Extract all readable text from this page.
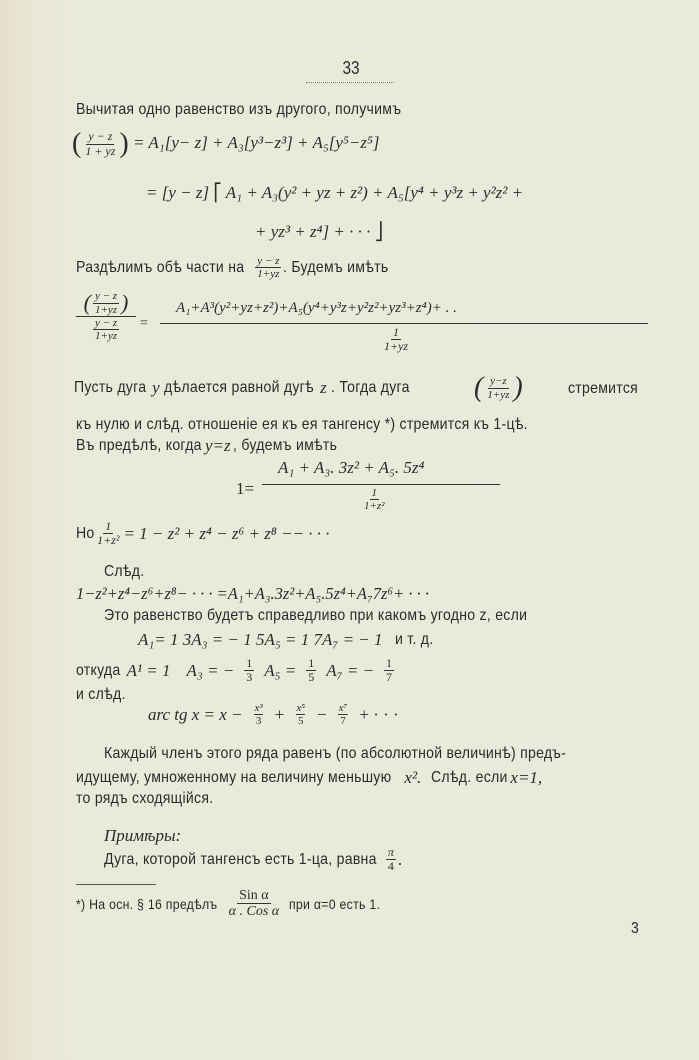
33
Вычитая одно равенство изъ другого, получимъ
( $\frac{y - z}{1 + yz}$ ) = A₁[y− z] + A₃[y³−z³] + A₅[y⁵−z⁵]
= [y − z] ⎡ A₁ + A₃(y² + yz + z²) + A₅[y⁴ + y³z + y²z² +
+ yz³ + z⁴] + · · · ⎦
Раздѣлимъ обѣ части на $\frac{y - z}{1+yz}$ . Будемъ имѣть
( $\frac{y - z}{1+yz}$ )
$\frac{y - z}{1+yz}$ =
A₁+A³(y²+yz+z²)+A₅(y⁴+y³z+y²z²+yz³+z⁴)+ . .
$\frac{1}{1+yz}$
Пусть дуга y дѣлается равной дугѣ z . Тогда дуга ( $\frac{y-z}{1+yz}$ )	стремится
къ нулю и слѣд. отношеніе ея къ ея тангенсу *) стремится къ 1-цѣ.
Въ предѣлѣ, когда y=z , будемъ имѣть
1=
A₁ + A₃. 3z² + A₅. 5z⁴
$\frac{1}{\text{1+z²}}$
Но $\frac{1}{\text{1+z²}} = 1 - z^2 + z^4 - z^6 + z^8$ −− · · ·
Слѣд.
1−z²+z⁴−z⁶+z⁸− · · · =A₁+A₃.3z²+A₅.5z⁴+A₇7z⁶+ · · ·
Это равенство будетъ справедливо при какомъ угодно z, если
A₁= 1 3A₃ = − 1 5A₅ = 1 7A₇ = − 1 и т. д.
откуда A¹ = 1 A₃ = − $\frac{1}{3} A_5 = \frac{1}{5} A_7$ = − $\frac{1}{7}$
и слѣд.
arc tg $x = x - \frac{\text{x³}}{3} + \frac{\text{x⁵}}{5} - \frac{\text{x⁷}}{7}$ + · · ·
Каждый членъ этого ряда равенъ (по абсолютной величинѣ) предъ-
идущему, умноженному на величину меньшую x². Слѣд. если x=1,
то рядъ сходящійся.
Примѣры:
Дуга, которой тангенсъ есть 1-ца, равна $\frac{\pi}{4}$ .
*) На осн. § 16 предѣлъ $\frac{\text{Sin α}}{\text{α . Cos α}}$ при α=0 есть 1.
3
